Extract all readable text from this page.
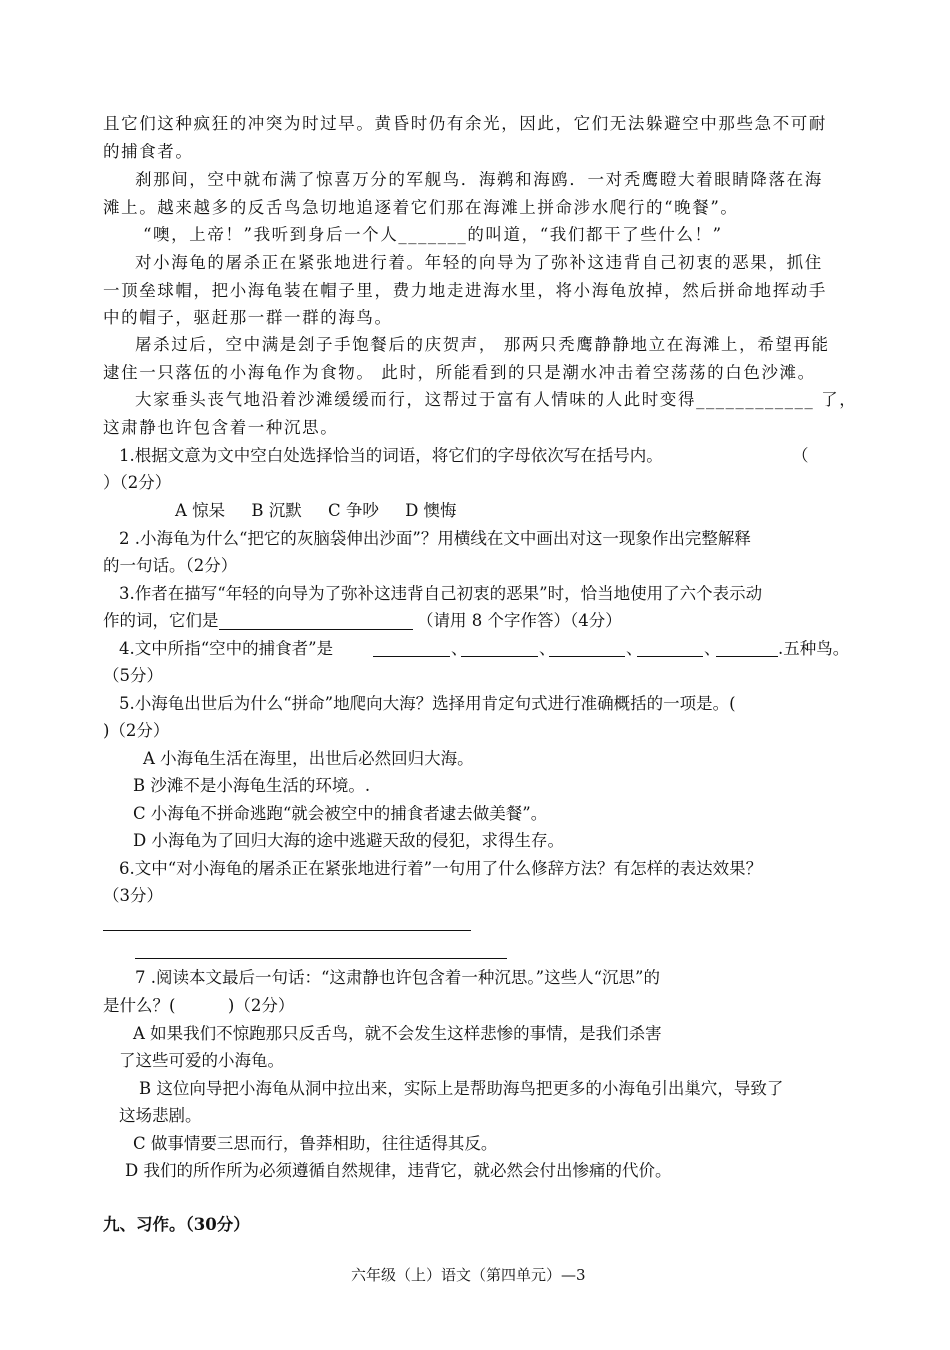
且它们这种疯狂的冲突为时过早。黄昏时仍有余光，因此，它们无法躲避空中那些急不可耐
的捕食者。
刹那间，空中就布满了惊喜万分的军舰鸟．海鹈和海鸥．一对秃鹰瞪大着眼睛降落在海
滩上。越来越多的反舌鸟急切地追逐着它们那在海滩上拼命涉水爬行的“晚餐”。
“噢，上帝！”我听到身后一个人_______的叫道，“我们都干了些什么！”
对小海龟的屠杀正在紧张地进行着。年轻的向导为了弥补这违背自己初衷的恶果，抓住
一顶垒球帽，把小海龟装在帽子里，费力地走进海水里，将小海龟放掉，然后拼命地挥动手
中的帽子，驱赶那一群一群的海鸟。
屠杀过后，空中满是刽子手饱餐后的庆贺声， 那两只秃鹰静静地立在海滩上，希望再能
逮住一只落伍的小海龟作为食物。 此时，所能看到的只是潮水冲击着空荡荡的白色沙滩。
大家垂头丧气地沿着沙滩缓缓而行，这帮过于富有人情味的人此时变得____________ 了，
这肃静也许包含着一种沉思。
1.根据文意为文中空白处选择恰当的词语，将它们的字母依次写在括号内。	（
）（2分）
A 惊呆     B 沉默     C 争吵     D 懊悔
2 .小海龟为什么“把它的灰脑袋伸出沙面”？用横线在文中画出对这一现象作出完整解释
的一句话。（2分）
3.作者在描写“年轻的向导为了弥补这违背自己初衷的恶果”时，恰当地使用了六个表示动
作的词，它们是	（请用 8 个字作答）（4分）
4.文中所指“空中的捕食者”是	、	、	、	、	.五种鸟。
（5分）
5.小海龟出世后为什么“拼命”地爬向大海？选择用肯定句式进行准确概括的一项是。(
)（2分）
A 小海龟生活在海里，出世后必然回归大海。
B 沙滩不是小海龟生活的环境。.
C 小海龟不拼命逃跑“就会被空中的捕食者逮去做美餐”。
D 小海龟为了回归大海的途中逃避天敌的侵犯，求得生存。
6.文中“对小海龟的屠杀正在紧张地进行着”一句用了什么修辞方法？有怎样的表达效果？
（3分）
7 .阅读本文最后一句话：“这肃静也许包含着一种沉思。”这些人“沉思”的
是什么？(          )（2分）
A 如果我们不惊跑那只反舌鸟，就不会发生这样悲惨的事情，是我们杀害
了这些可爱的小海龟。
B 这位向导把小海龟从洞中拉出来，实际上是帮助海鸟把更多的小海龟引出巢穴，导致了
这场悲剧。
C 做事情要三思而行，鲁莽相助，往往适得其反。
D 我们的所作所为必须遵循自然规律，违背它，就必然会付出惨痛的代价。
九、习作。（30分）
六年级（上）语文（第四单元）—3
